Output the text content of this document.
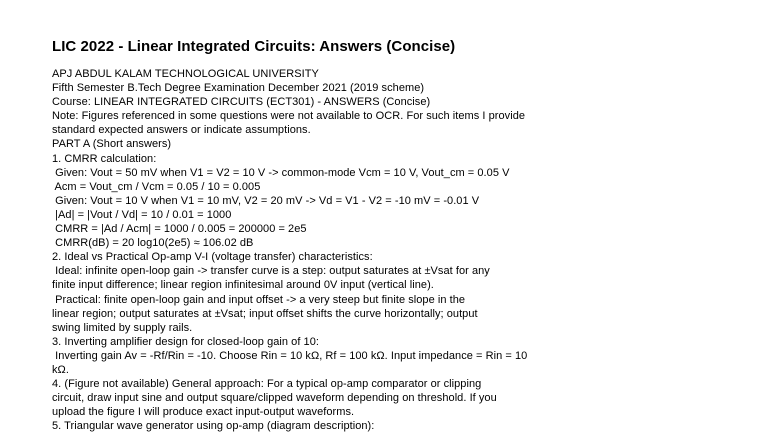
LIC 2022 - Linear Integrated Circuits: Answers (Concise)
APJ ABDUL KALAM TECHNOLOGICAL UNIVERSITY
Fifth Semester B.Tech Degree Examination December 2021 (2019 scheme)
Course: LINEAR INTEGRATED CIRCUITS (ECT301) - ANSWERS (Concise)
Note: Figures referenced in some questions were not available to OCR. For such items I provide
standard expected answers or indicate assumptions.
PART A (Short answers)
1. CMRR calculation:
Given: Vout = 50 mV when V1 = V2 = 10 V -> common-mode Vcm = 10 V, Vout_cm = 0.05 V
Acm = Vout_cm / Vcm = 0.05 / 10 = 0.005
Given: Vout = 10 V when V1 = 10 mV, V2 = 20 mV -> Vd = V1 - V2 = -10 mV = -0.01 V
|Ad| = |Vout / Vd| = 10 / 0.01 = 1000
CMRR = |Ad / Acm| = 1000 / 0.005 = 200000 = 2e5
CMRR(dB) = 20 log10(2e5) ≈ 106.02 dB
2. Ideal vs Practical Op-amp V-I (voltage transfer) characteristics:
Ideal: infinite open-loop gain -> transfer curve is a step: output saturates at ±Vsat for any
finite input difference; linear region infinitesimal around 0V input (vertical line).
Practical: finite open-loop gain and input offset -> a very steep but finite slope in the
linear region; output saturates at ±Vsat; input offset shifts the curve horizontally; output
swing limited by supply rails.
3. Inverting amplifier design for closed-loop gain of 10:
Inverting gain Av = -Rf/Rin = -10. Choose Rin = 10 kΩ, Rf = 100 kΩ. Input impedance = Rin = 10
kΩ.
4. (Figure not available) General approach: For a typical op-amp comparator or clipping
circuit, draw input sine and output square/clipped waveform depending on threshold. If you
upload the figure I will produce exact input-output waveforms.
5. Triangular wave generator using op-amp (diagram description):
